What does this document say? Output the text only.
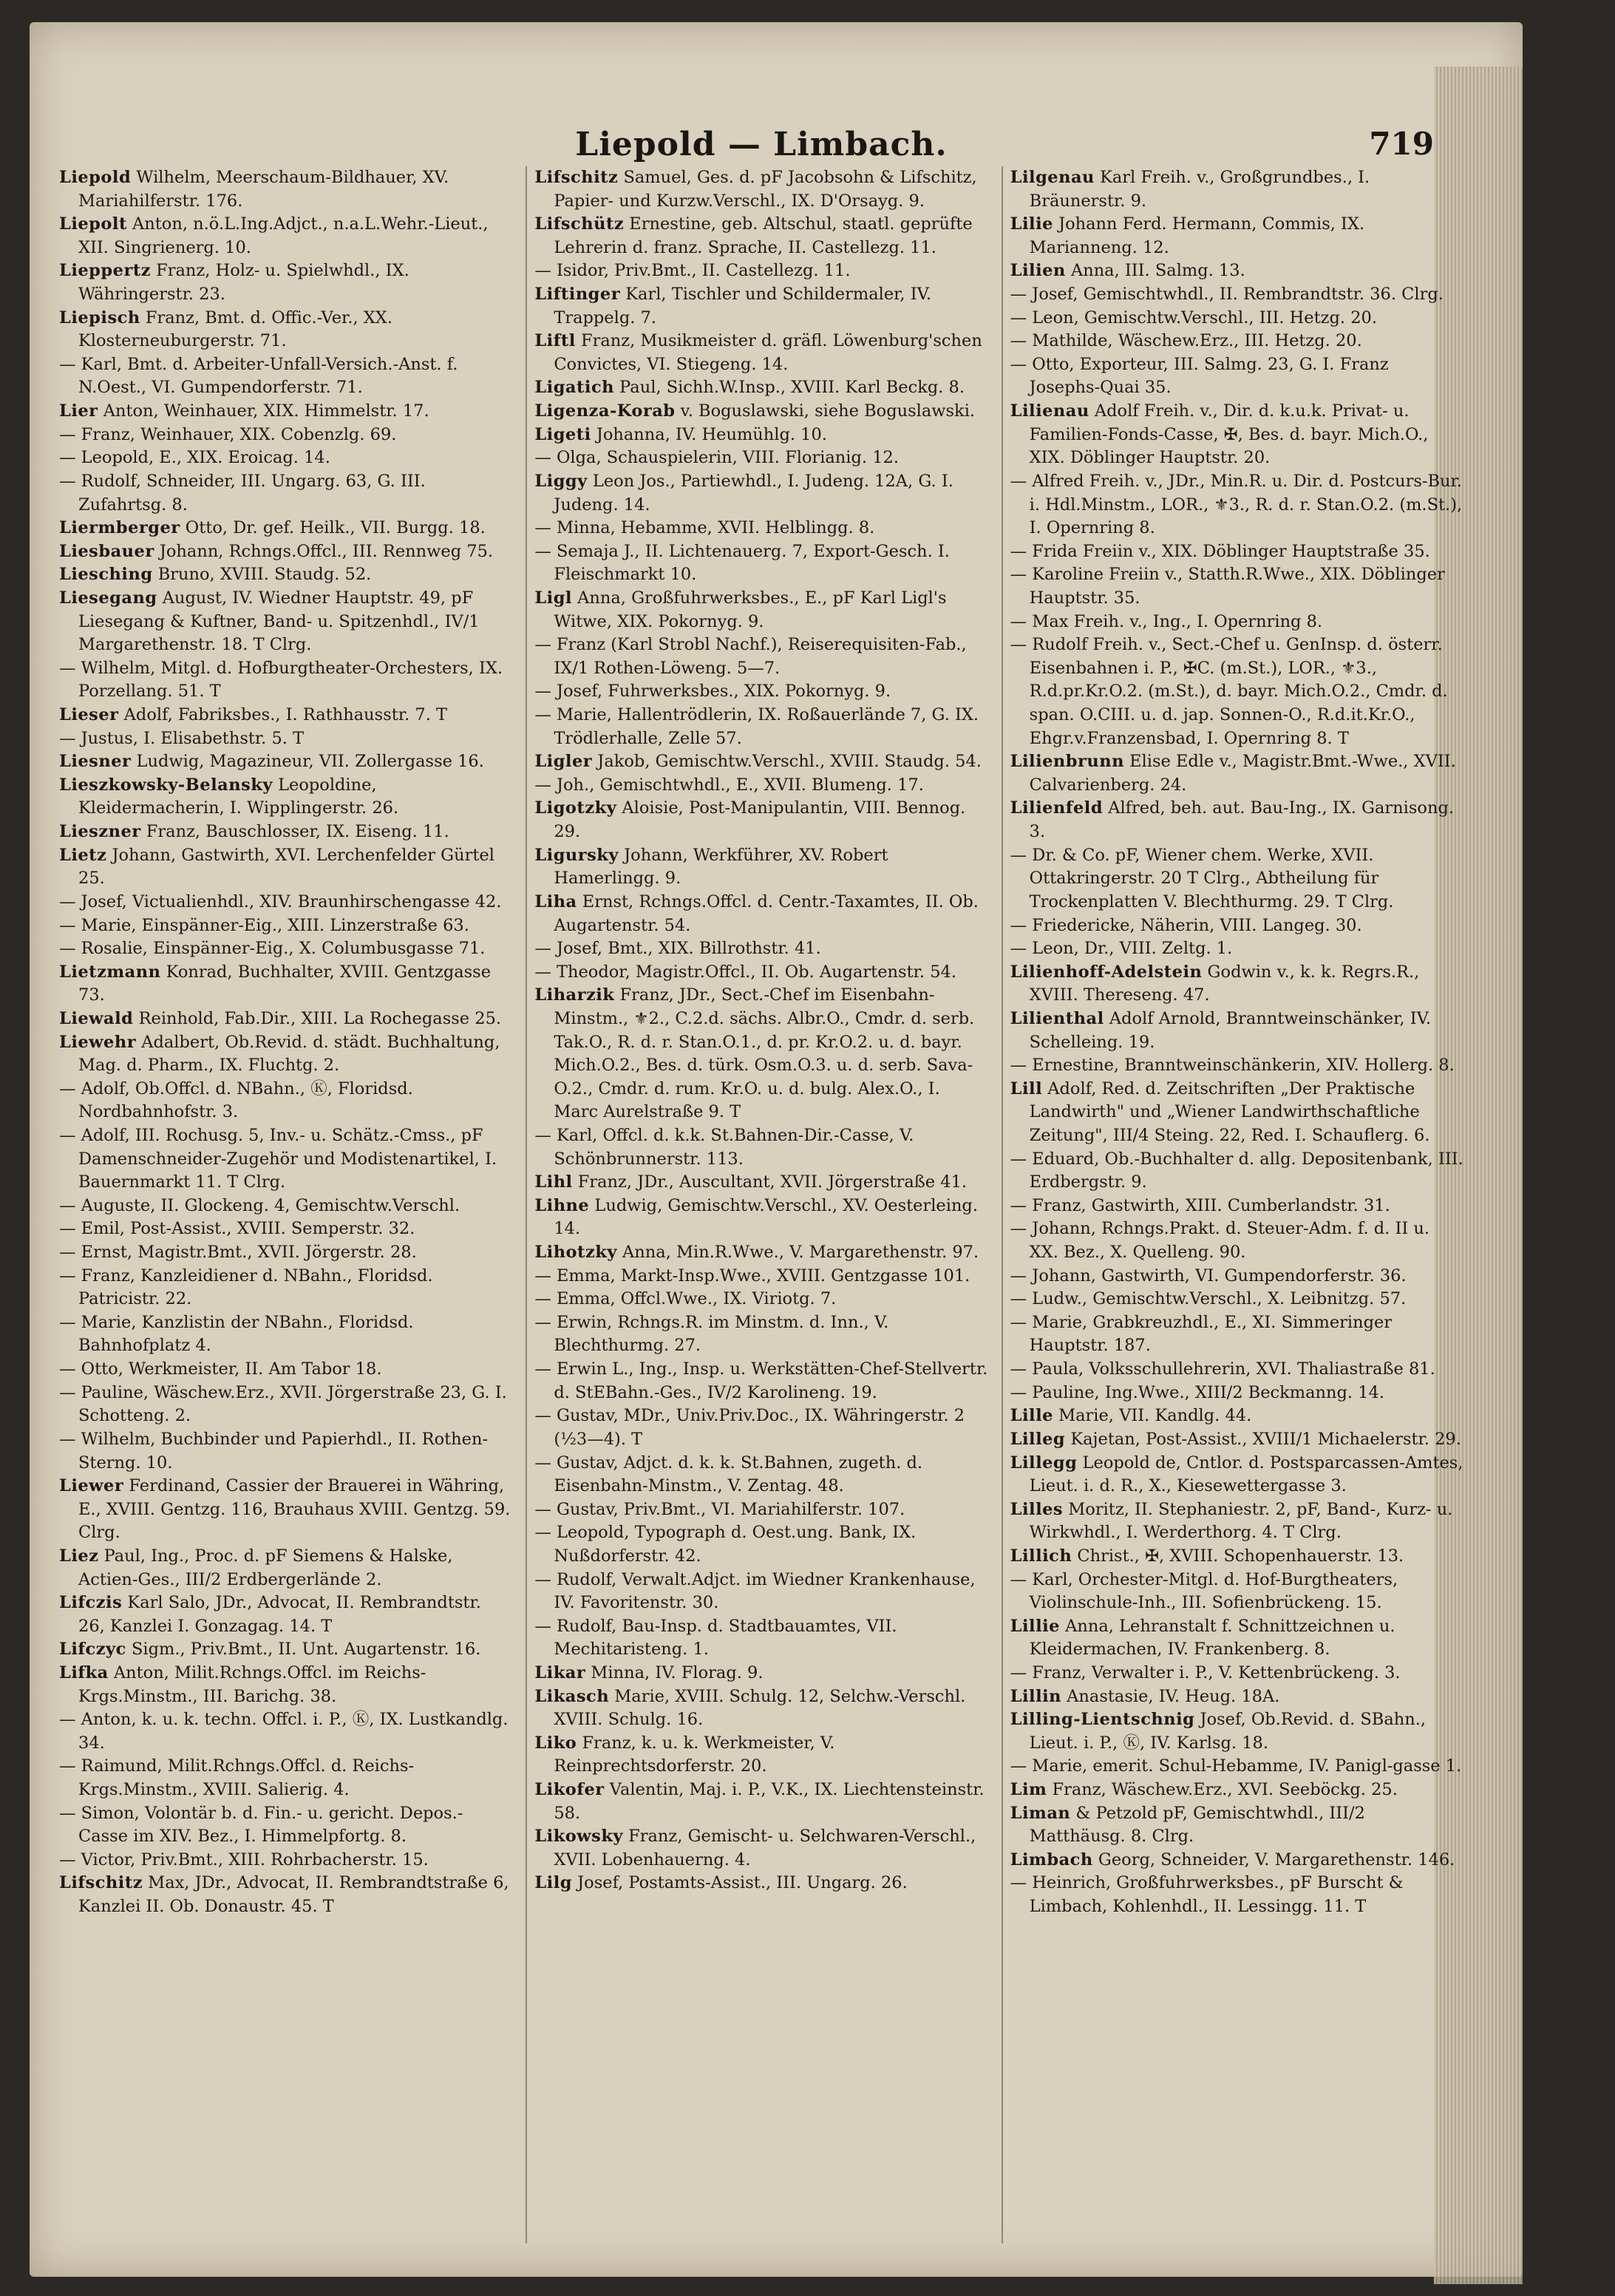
Liepold — Limbach.	719

Liepold Wilhelm, Meerschaum-Bildhauer, XV. Mariahilferstr. 176.

Liepolt Anton, n.ö.L.Ing.Adjct., n.a.L.Wehr.-Lieut., XII. Singrienerg. 10.

Lieppertz Franz, Holz- u. Spielwhdl., IX. Währingerstr. 23.

Liepisch Franz, Bmt. d. Offic.-Ver., XX. Klosterneuburgerstr. 71.

— Karl, Bmt. d. Arbeiter-Unfall-Versich.-Anst. f. N.Oest., VI. Gumpendorferstr. 71.

Lier Anton, Weinhauer, XIX. Himmelstr. 17.

— Franz, Weinhauer, XIX. Cobenzlg. 69.

— Leopold, E., XIX. Eroicag. 14.

— Rudolf, Schneider, III. Ungarg. 63, G. III. Zufahrtsg. 8.

Liermberger Otto, Dr. gef. Heilk., VII. Burgg. 18.

Liesbauer Johann, Rchngs.Offcl., III. Rennweg 75.

Liesching Bruno, XVIII. Staudg. 52.

Liesegang August, IV. Wiedner Hauptstr. 49, pF Liesegang & Kuftner, Band- u. Spitzenhdl., IV/1 Margarethenstr. 18. T Clrg.

— Wilhelm, Mitgl. d. Hofburgtheater-Orchesters, IX. Porzellang. 51. T

Lieser Adolf, Fabriksbes., I. Rathhausstr. 7. T

— Justus, I. Elisabethstr. 5. T

Liesner Ludwig, Magazineur, VII. Zollergasse 16.

Lieszkowsky-Belansky Leopoldine, Kleidermacherin, I. Wipplingerstr. 26.

Lieszner Franz, Bauschlosser, IX. Eiseng. 11.

Lietz Johann, Gastwirth, XVI. Lerchenfelder Gürtel 25.

— Josef, Victualienhdl., XIV. Braunhirschengasse 42.

— Marie, Einspänner-Eig., XIII. Linzerstraße 63.

— Rosalie, Einspänner-Eig., X. Columbusgasse 71.

Lietzmann Konrad, Buchhalter, XVIII. Gentzgasse 73.

Liewald Reinhold, Fab.Dir., XIII. La Rochegasse 25.

Liewehr Adalbert, Ob.Revid. d. städt. Buchhaltung, Mag. d. Pharm., IX. Fluchtg. 2.

— Adolf, Ob.Offcl. d. NBahn., Ⓚ, Floridsd. Nordbahnhofstr. 3.

— Adolf, III. Rochusg. 5, Inv.- u. Schätz.-Cmss., pF Damenschneider-Zugehör und Modistenartikel, I. Bauernmarkt 11. T Clrg.

— Auguste, II. Glockeng. 4, Gemischtw.Verschl.

— Emil, Post-Assist., XVIII. Semperstr. 32.

— Ernst, Magistr.Bmt., XVII. Jörgerstr. 28.

— Franz, Kanzleidiener d. NBahn., Floridsd. Patricistr. 22.

— Marie, Kanzlistin der NBahn., Floridsd. Bahnhofplatz 4.

— Otto, Werkmeister, II. Am Tabor 18.

— Pauline, Wäschew.Erz., XVII. Jörgerstraße 23, G. I. Schotteng. 2.

— Wilhelm, Buchbinder und Papierhdl., II. Rothen-Sterng. 10.

Liewer Ferdinand, Cassier der Brauerei in Währing, E., XVIII. Gentzg. 116, Brauhaus XVIII. Gentzg. 59. Clrg.

Liez Paul, Ing., Proc. d. pF Siemens & Halske, Actien-Ges., III/2 Erdbergerlände 2.

Lifczis Karl Salo, JDr., Advocat, II. Rembrandtstr. 26, Kanzlei I. Gonzagag. 14. T

Lifczyc Sigm., Priv.Bmt., II. Unt. Augartenstr. 16.

Lifka Anton, Milit.Rchngs.Offcl. im Reichs-Krgs.Minstm., III. Barichg. 38.

— Anton, k. u. k. techn. Offcl. i. P., Ⓚ, IX. Lustkandlg. 34.

— Raimund, Milit.Rchngs.Offcl. d. Reichs-Krgs.Minstm., XVIII. Salierig. 4.

— Simon, Volontär b. d. Fin.- u. gericht. Depos.-Casse im XIV. Bez., I. Himmelpfortg. 8.

— Victor, Priv.Bmt., XIII. Rohrbacherstr. 15.

Lifschitz Max, JDr., Advocat, II. Rembrandtstraße 6, Kanzlei II. Ob. Donaustr. 45. T

Lifschitz Samuel, Ges. d. pF Jacobsohn & Lifschitz, Papier- und Kurzw.Verschl., IX. D'Orsayg. 9.

Lifschütz Ernestine, geb. Altschul, staatl. geprüfte Lehrerin d. franz. Sprache, II. Castellezg. 11.

— Isidor, Priv.Bmt., II. Castellezg. 11.

Liftinger Karl, Tischler und Schildermaler, IV. Trappelg. 7.

Liftl Franz, Musikmeister d. gräfl. Löwenburg'schen Convictes, VI. Stiegeng. 14.

Ligatich Paul, Sichh.W.Insp., XVIII. Karl Beckg. 8.

Ligenza-Korab v. Boguslawski, siehe Boguslawski.

Ligeti Johanna, IV. Heumühlg. 10.

— Olga, Schauspielerin, VIII. Florianig. 12.

Liggy Leon Jos., Partiewhdl., I. Judeng. 12A, G. I. Judeng. 14.

— Minna, Hebamme, XVII. Helblingg. 8.

— Semaja J., II. Lichtenauerg. 7, Export-Gesch. I. Fleischmarkt 10.

Ligl Anna, Großfuhrwerksbes., E., pF Karl Ligl's Witwe, XIX. Pokornyg. 9.

— Franz (Karl Strobl Nachf.), Reiserequisiten-Fab., IX/1 Rothen-Löweng. 5—7.

— Josef, Fuhrwerksbes., XIX. Pokornyg. 9.

— Marie, Hallentrödlerin, IX. Roßauerlände 7, G. IX. Trödlerhalle, Zelle 57.

Ligler Jakob, Gemischtw.Verschl., XVIII. Staudg. 54.

— Joh., Gemischtwhdl., E., XVII. Blumeng. 17.

Ligotzky Aloisie, Post-Manipulantin, VIII. Bennog. 29.

Ligursky Johann, Werkführer, XV. Robert Hamerlingg. 9.

Liha Ernst, Rchngs.Offcl. d. Centr.-Taxamtes, II. Ob. Augartenstr. 54.

— Josef, Bmt., XIX. Billrothstr. 41.

— Theodor, Magistr.Offcl., II. Ob. Augartenstr. 54.

Liharzik Franz, JDr., Sect.-Chef im Eisenbahn-Minstm., ⚜2., C.2.d. sächs. Albr.O., Cmdr. d. serb. Tak.O., R. d. r. Stan.O.1., d. pr. Kr.O.2. u. d. bayr. Mich.O.2., Bes. d. türk. Osm.O.3. u. d. serb. Sava-O.2., Cmdr. d. rum. Kr.O. u. d. bulg. Alex.O., I. Marc Aurelstraße 9. T

— Karl, Offcl. d. k.k. St.Bahnen-Dir.-Casse, V. Schönbrunnerstr. 113.

Lihl Franz, JDr., Auscultant, XVII. Jörgerstraße 41.

Lihne Ludwig, Gemischtw.Verschl., XV. Oesterleing. 14.

Lihotzky Anna, Min.R.Wwe., V. Margarethenstr. 97.

— Emma, Markt-Insp.Wwe., XVIII. Gentzgasse 101.

— Emma, Offcl.Wwe., IX. Viriotg. 7.

— Erwin, Rchngs.R. im Minstm. d. Inn., V. Blechthurmg. 27.

— Erwin L., Ing., Insp. u. Werkstätten-Chef-Stellvertr. d. StEBahn.-Ges., IV/2 Karolineng. 19.

— Gustav, MDr., Univ.Priv.Doc., IX. Währingerstr. 2 (½3—4). T

— Gustav, Adjct. d. k. k. St.Bahnen, zugeth. d. Eisenbahn-Minstm., V. Zentag. 48.

— Gustav, Priv.Bmt., VI. Mariahilferstr. 107.

— Leopold, Typograph d. Oest.ung. Bank, IX. Nußdorferstr. 42.

— Rudolf, Verwalt.Adjct. im Wiedner Krankenhause, IV. Favoritenstr. 30.

— Rudolf, Bau-Insp. d. Stadtbauamtes, VII. Mechitaristeng. 1.

Likar Minna, IV. Florag. 9.

Likasch Marie, XVIII. Schulg. 12, Selchw.-Verschl. XVIII. Schulg. 16.

Liko Franz, k. u. k. Werkmeister, V. Reinprechtsdorferstr. 20.

Likofer Valentin, Maj. i. P., V.K., IX. Liechtensteinstr. 58.

Likowsky Franz, Gemischt- u. Selchwaren-Verschl., XVII. Lobenhauerng. 4.

Lilg Josef, Postamts-Assist., III. Ungarg. 26.

Lilgenau Karl Freih. v., Großgrundbes., I. Bräunerstr. 9.

Lilie Johann Ferd. Hermann, Commis, IX. Marianneng. 12.

Lilien Anna, III. Salmg. 13.

— Josef, Gemischtwhdl., II. Rembrandtstr. 36. Clrg.

— Leon, Gemischtw.Verschl., III. Hetzg. 20.

— Mathilde, Wäschew.Erz., III. Hetzg. 20.

— Otto, Exporteur, III. Salmg. 23, G. I. Franz Josephs-Quai 35.

Lilienau Adolf Freih. v., Dir. d. k.u.k. Privat- u. Familien-Fonds-Casse, ✠, Bes. d. bayr. Mich.O., XIX. Döblinger Hauptstr. 20.

— Alfred Freih. v., JDr., Min.R. u. Dir. d. Postcurs-Bur. i. Hdl.Minstm., LOR., ⚜3., R. d. r. Stan.O.2. (m.St.), I. Opernring 8.

— Frida Freiin v., XIX. Döblinger Hauptstraße 35.

— Karoline Freiin v., Statth.R.Wwe., XIX. Döblinger Hauptstr. 35.

— Max Freih. v., Ing., I. Opernring 8.

— Rudolf Freih. v., Sect.-Chef u. GenInsp. d. österr. Eisenbahnen i. P., ✠C. (m.St.), LOR., ⚜3., R.d.pr.Kr.O.2. (m.St.), d. bayr. Mich.O.2., Cmdr. d. span. O.CIII. u. d. jap. Sonnen-O., R.d.it.Kr.O., Ehgr.v.Franzensbad, I. Opernring 8. T

Lilienbrunn Elise Edle v., Magistr.Bmt.-Wwe., XVII. Calvarienberg. 24.

Lilienfeld Alfred, beh. aut. Bau-Ing., IX. Garnisong. 3.

— Dr. & Co. pF, Wiener chem. Werke, XVII. Ottakringerstr. 20 T Clrg., Abtheilung für Trockenplatten V. Blechthurmg. 29. T Clrg.

— Friedericke, Näherin, VIII. Langeg. 30.

— Leon, Dr., VIII. Zeltg. 1.

Lilienhoff-Adelstein Godwin v., k. k. Regrs.R., XVIII. Thereseng. 47.

Lilienthal Adolf Arnold, Branntweinschänker, IV. Schelleing. 19.

— Ernestine, Branntweinschänkerin, XIV. Hollerg. 8.

Lill Adolf, Red. d. Zeitschriften „Der Praktische Landwirth" und „Wiener Landwirthschaftliche Zeitung", III/4 Steing. 22, Red. I. Schauflerg. 6.

— Eduard, Ob.-Buchhalter d. allg. Depositenbank, III. Erdbergstr. 9.

— Franz, Gastwirth, XIII. Cumberlandstr. 31.

— Johann, Rchngs.Prakt. d. Steuer-Adm. f. d. II u. XX. Bez., X. Quelleng. 90.

— Johann, Gastwirth, VI. Gumpendorferstr. 36.

— Ludw., Gemischtw.Verschl., X. Leibnitzg. 57.

— Marie, Grabkreuzhdl., E., XI. Simmeringer Hauptstr. 187.

— Paula, Volksschullehrerin, XVI. Thaliastraße 81.

— Pauline, Ing.Wwe., XIII/2 Beckmanng. 14.

Lille Marie, VII. Kandlg. 44.

Lilleg Kajetan, Post-Assist., XVIII/1 Michaelerstr. 29.

Lillegg Leopold de, Cntlor. d. Postsparcassen-Amtes, Lieut. i. d. R., X., Kiesewettergasse 3.

Lilles Moritz, II. Stephaniestr. 2, pF, Band-, Kurz- u. Wirkwhdl., I. Werderthorg. 4. T Clrg.

Lillich Christ., ✠, XVIII. Schopenhauerstr. 13.

— Karl, Orchester-Mitgl. d. Hof-Burgtheaters, Violinschule-Inh., III. Sofienbrückeng. 15.

Lillie Anna, Lehranstalt f. Schnittzeichnen u. Kleidermachen, IV. Frankenberg. 8.

— Franz, Verwalter i. P., V. Kettenbrückeng. 3.

Lillin Anastasie, IV. Heug. 18A.

Lilling-Lientschnig Josef, Ob.Revid. d. SBahn., Lieut. i. P., Ⓚ, IV. Karlsg. 18.

— Marie, emerit. Schul-Hebamme, IV. Panigl-gasse 1.

Lim Franz, Wäschew.Erz., XVI. Seeböckg. 25.

Liman & Petzold pF, Gemischtwhdl., III/2 Matthäusg. 8. Clrg.

Limbach Georg, Schneider, V. Margarethenstr. 146.

— Heinrich, Großfuhrwerksbes., pF Burscht & Limbach, Kohlenhdl., II. Lessingg. 11. T
